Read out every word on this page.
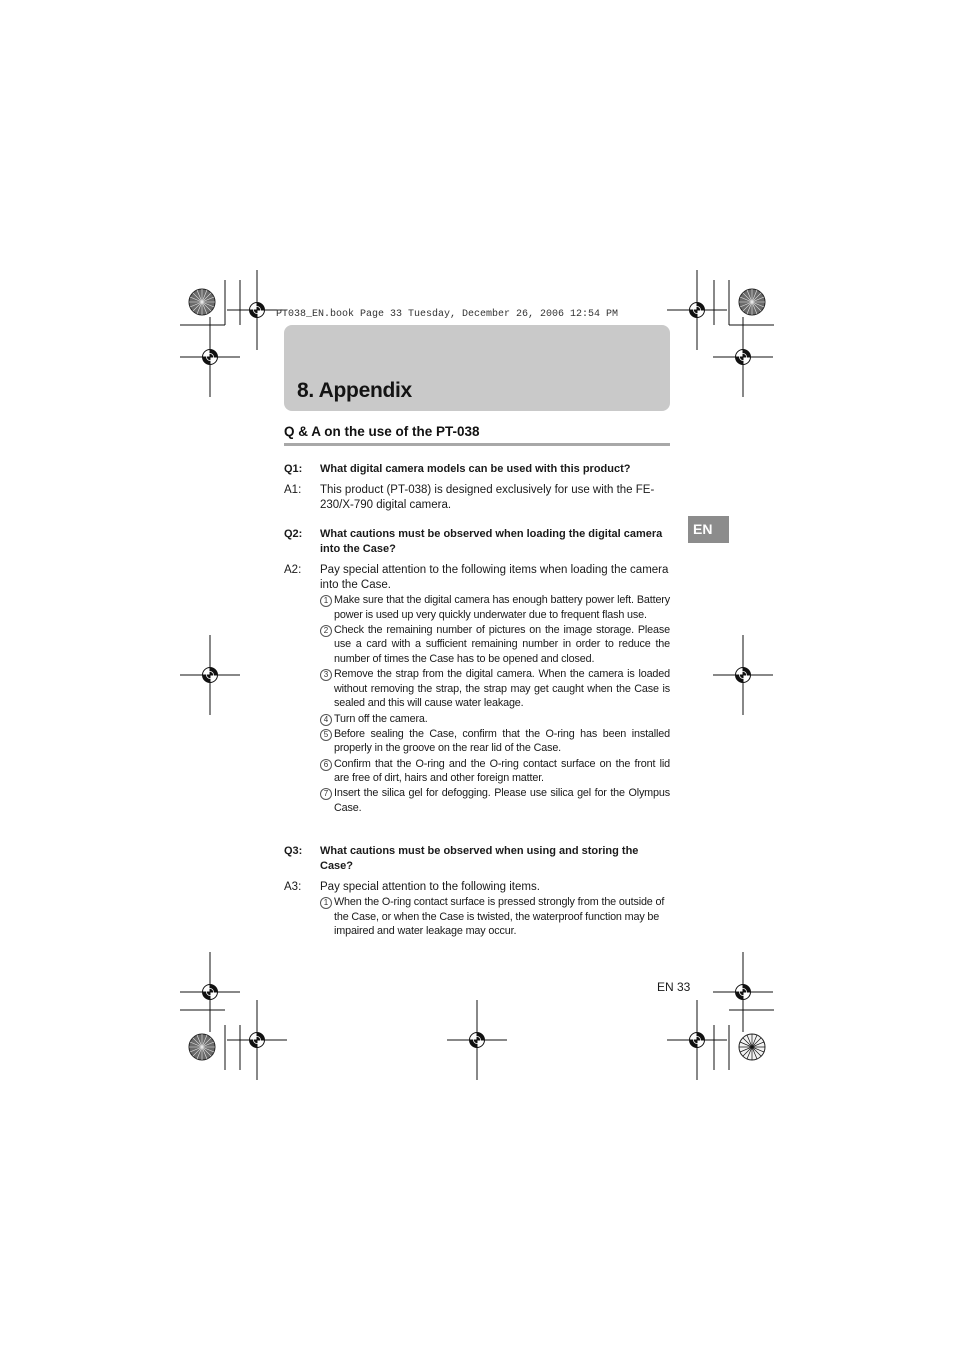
PT038_EN.book Page 33 Tuesday, December 26, 2006 12:54 PM
8. Appendix
Q & A on the use of the PT-038
EN
Q1:	What digital camera models can be used with this product?
A1:	This product (PT-038) is designed exclusively for use with the FE-230/X-790 digital camera.
Q2:	What cautions must be observed when loading the digital camera into the Case?
A2:	Pay special attention to the following items when loading the camera into the Case.
1 Make sure that the digital camera has enough battery power left. Battery power is used up very quickly underwater due to frequent flash use.
2 Check the remaining number of pictures on the image storage. Please use a card with a sufficient remaining number in order to reduce the number of times the Case has to be opened and closed.
3 Remove the strap from the digital camera. When the camera is loaded without removing the strap, the strap may get caught when the Case is sealed and this will cause water leakage.
4 Turn off the camera.
5 Before sealing the Case, confirm that the O-ring has been installed properly in the groove on the rear lid of the Case.
6 Confirm that the O-ring and the O-ring contact surface on the front lid are free of dirt, hairs and other foreign matter.
7 Insert the silica gel for defogging. Please use silica gel for the Olympus Case.
Q3:	What cautions must be observed when using and storing the Case?
A3:	Pay special attention to the following items.
1 When the O-ring contact surface is pressed strongly from the outside of the Case, or when the Case is twisted, the waterproof function may be impaired and water leakage may occur.
EN 33
